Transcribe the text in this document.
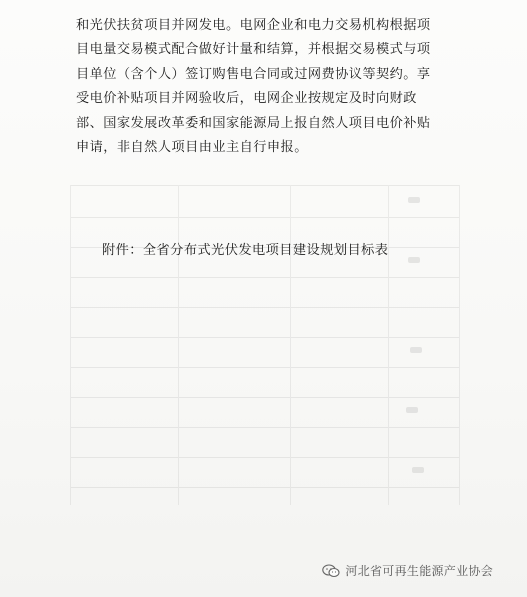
和光伏扶贫项目并网发电。电网企业和电力交易机构根据项
目电量交易模式配合做好计量和结算，并根据交易模式与项
目单位（含个人）签订购售电合同或过网费协议等契约。享
受电价补贴项目并网验收后，电网企业按规定及时向财政
部、国家发展改革委和国家能源局上报自然人项目电价补贴
申请，非自然人项目由业主自行申报。

附件：全省分布式光伏发电项目建设规划目标表

河北省可再生能源产业协会
